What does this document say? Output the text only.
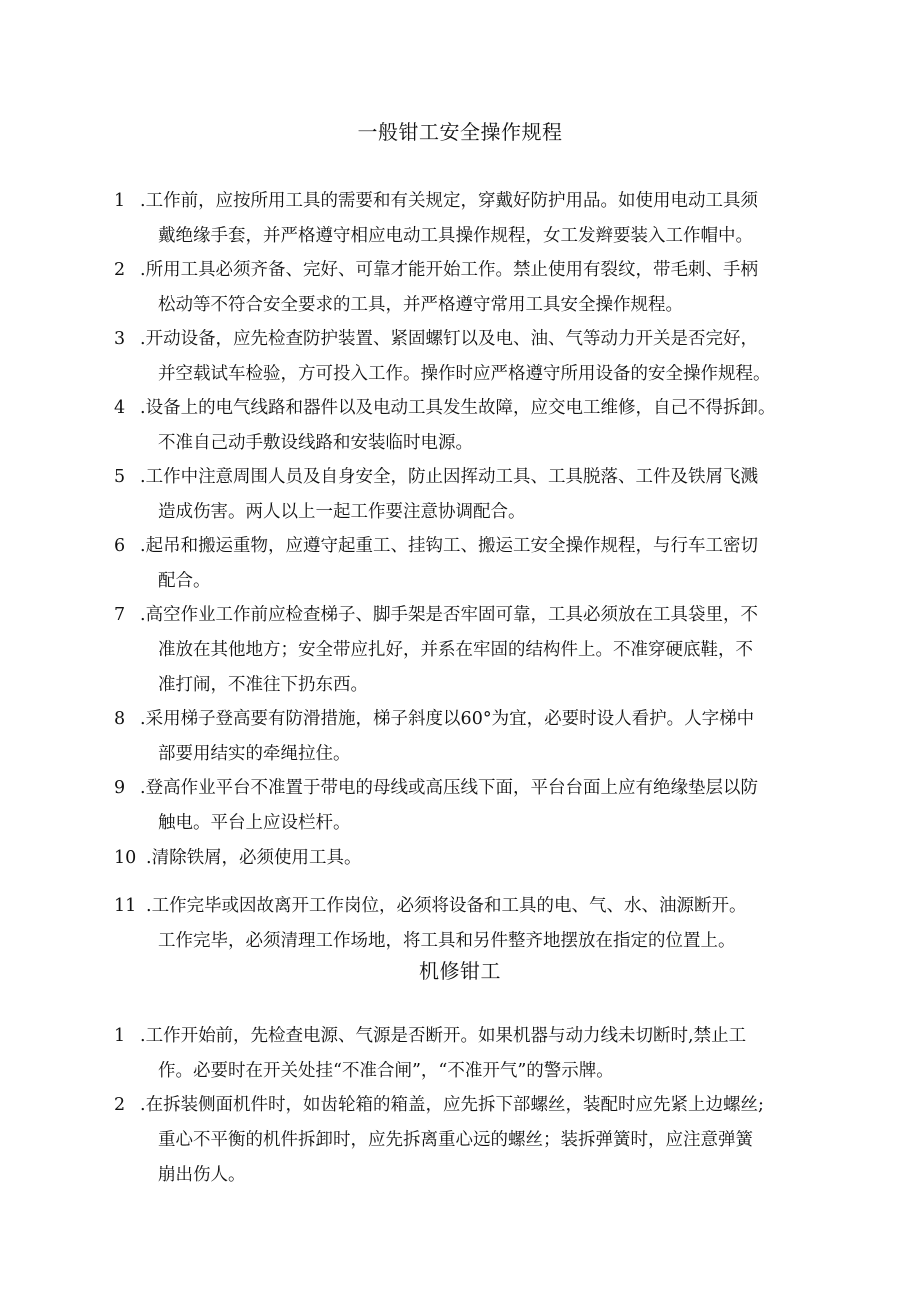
一般钳工安全操作规程
1 .工作前，应按所用工具的需要和有关规定，穿戴好防护用品。如使用电动工具须
戴绝缘手套，并严格遵守相应电动工具操作规程，女工发辫要装入工作帽中。
2 .所用工具必须齐备、完好、可靠才能开始工作。禁止使用有裂纹，带毛刺、手柄
松动等不符合安全要求的工具，并严格遵守常用工具安全操作规程。
3 .开动设备，应先检查防护装置、紧固螺钉以及电、油、气等动力开关是否完好，
并空载试车检验，方可投入工作。操作时应严格遵守所用设备的安全操作规程。
4 .设备上的电气线路和器件以及电动工具发生故障，应交电工维修，自己不得拆卸。
不准自己动手敷设线路和安装临时电源。
5 .工作中注意周围人员及自身安全，防止因挥动工具、工具脱落、工件及铁屑飞溅
造成伤害。两人以上一起工作要注意协调配合。
6 .起吊和搬运重物，应遵守起重工、挂钩工、搬运工安全操作规程，与行车工密切
配合。
7 .高空作业工作前应检查梯子、脚手架是否牢固可靠，工具必须放在工具袋里，不
准放在其他地方；安全带应扎好，并系在牢固的结构件上。不准穿硬底鞋，不
准打闹，不准往下扔东西。
8 .采用梯子登高要有防滑措施，梯子斜度以60°为宜，必要时设人看护。人字梯中
部要用结实的牵绳拉住。
9 .登高作业平台不准置于带电的母线或高压线下面，平台台面上应有绝缘垫层以防
触电。平台上应设栏杆。
10 .清除铁屑，必须使用工具。
11 .工作完毕或因故离开工作岗位，必须将设备和工具的电、气、水、油源断开。
工作完毕，必须清理工作场地，将工具和另件整齐地摆放在指定的位置上。
机修钳工
1 .工作开始前，先检查电源、气源是否断开。如果机器与动力线未切断时,禁止工
作。必要时在开关处挂“不准合闸”，“不准开气”的警示牌。
2 .在拆装侧面机件时，如齿轮箱的箱盖，应先拆下部螺丝，装配时应先紧上边螺丝;
重心不平衡的机件拆卸时，应先拆离重心远的螺丝；装拆弹簧时，应注意弹簧
崩出伤人。
